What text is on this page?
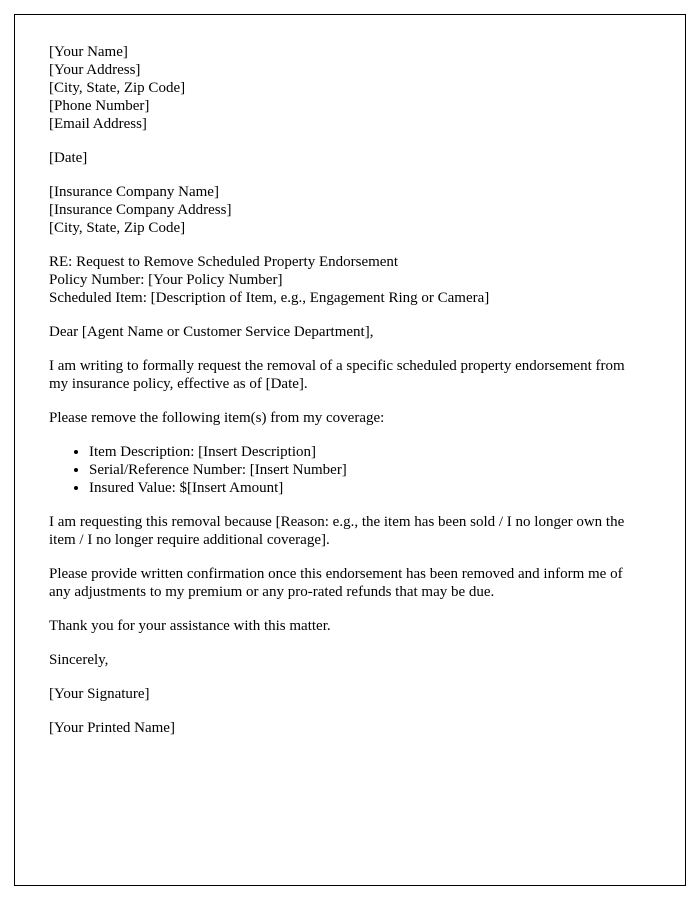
[Your Name]
[Your Address]
[City, State, Zip Code]
[Phone Number]
[Email Address]
[Date]
[Insurance Company Name]
[Insurance Company Address]
[City, State, Zip Code]
RE: Request to Remove Scheduled Property Endorsement
Policy Number: [Your Policy Number]
Scheduled Item: [Description of Item, e.g., Engagement Ring or Camera]
Dear [Agent Name or Customer Service Department],
I am writing to formally request the removal of a specific scheduled property endorsement from my insurance policy, effective as of [Date].
Please remove the following item(s) from my coverage:
• Item Description: [Insert Description]
• Serial/Reference Number: [Insert Number]
• Insured Value: $[Insert Amount]
I am requesting this removal because [Reason: e.g., the item has been sold / I no longer own the item / I no longer require additional coverage].
Please provide written confirmation once this endorsement has been removed and inform me of any adjustments to my premium or any pro-rated refunds that may be due.
Thank you for your assistance with this matter.
Sincerely,
[Your Signature]
[Your Printed Name]
